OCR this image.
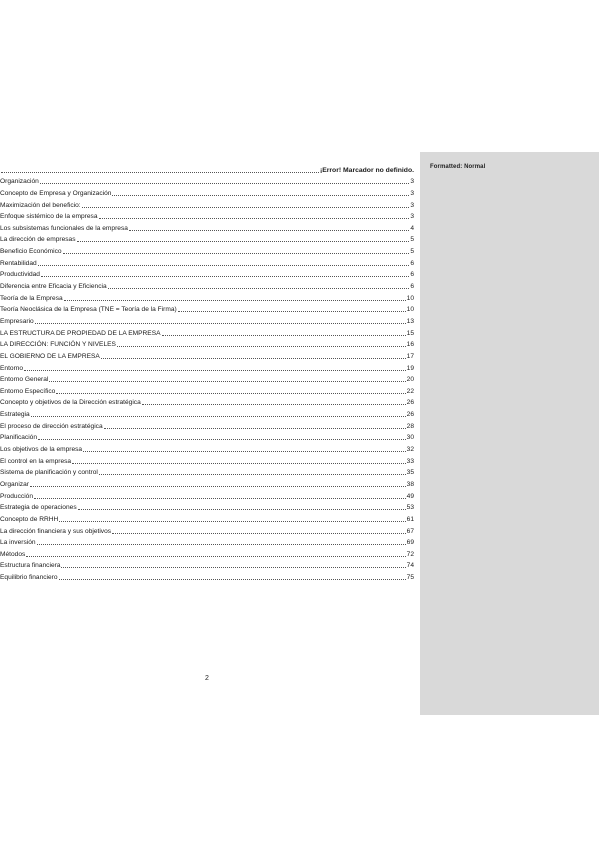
¡Error! Marcador no definido.
Organización	3
Concepto de Empresa y Organización	3
Maximización del beneficio:	3
Enfoque sistémico de la empresa	3
Los subsistemas funcionales de la empresa	4
La dirección de empresas	5
Beneficio Económico	5
Rentabilidad	6
Productividad	6
Diferencia entre Eficacia y Eficiencia	6
Teoría de la Empresa	10
Teoría Neoclásica de la Empresa (TNE = Teoría de la Firma)	10
Empresario	13
LA ESTRUCTURA DE PROPIEDAD DE LA EMPRESA	15
LA DIRECCIÓN: FUNCIÓN Y NIVELES	16
EL GOBIERNO DE LA EMPRESA	17
Entorno	19
Entorno General	20
Entorno Específico	22
Concepto y objetivos de la Dirección estratégica	26
Estrategia	26
El proceso de dirección estratégica	28
Planificación	30
Los objetivos de la empresa	32
El control en la empresa	33
Sistema de planificación y control	35
Organizar	38
Producción	49
Estrategia de operaciones	53
Concepto de RRHH	61
La dirección financiera y sus objetivos	67
La inversión	69
Métodos	72
Estructura financiera	74
Equilibrio financiero	75
2
Formatted: Normal
